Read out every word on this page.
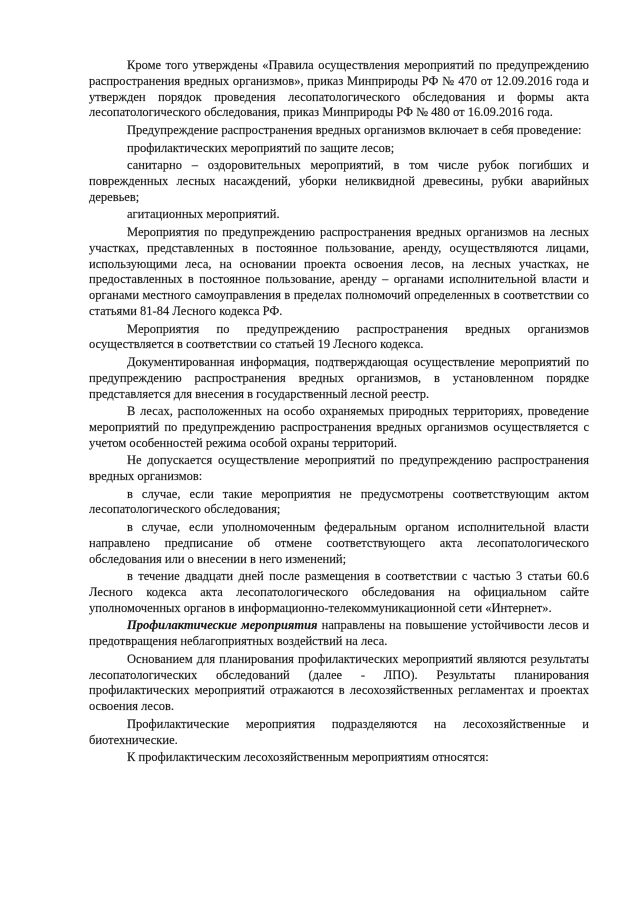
Кроме того утверждены «Правила осуществления мероприятий по предупреждению распространения вредных организмов», приказ Минприроды РФ № 470 от 12.09.2016 года и утвержден порядок проведения лесопатологического обследования и формы акта лесопатологического обследования, приказ Минприроды РФ № 480 от 16.09.2016 года.

Предупреждение распространения вредных организмов включает в себя проведение:

профилактических мероприятий по защите лесов;

санитарно – оздоровительных мероприятий, в том числе рубок погибших и поврежденных лесных насаждений, уборки неликвидной древесины, рубки аварийных деревьев;

агитационных мероприятий.

Мероприятия по предупреждению распространения вредных организмов на лесных участках, представленных в постоянное пользование, аренду, осуществляются лицами, использующими леса, на основании проекта освоения лесов, на лесных участках, не предоставленных в постоянное пользование, аренду – органами исполнительной власти и органами местного самоуправления в пределах полномочий определенных в соответствии со статьями 81-84 Лесного кодекса РФ.

Мероприятия по предупреждению распространения вредных организмов осуществляется в соответствии со статьей 19 Лесного кодекса.

Документированная информация, подтверждающая осуществление мероприятий по предупреждению распространения вредных организмов, в установленном порядке представляется для внесения в государственный лесной реестр.

В лесах, расположенных на особо охраняемых природных территориях, проведение мероприятий по предупреждению распространения вредных организмов осуществляется с учетом особенностей режима особой охраны территорий.

Не допускается осуществление мероприятий по предупреждению распространения вредных организмов:

в случае, если такие мероприятия не предусмотрены соответствующим актом лесопатологического обследования;

в случае, если уполномоченным федеральным органом исполнительной власти направлено предписание об отмене соответствующего акта лесопатологического обследования или о внесении в него изменений;

в течение двадцати дней после размещения в соответствии с частью 3 статьи 60.6 Лесного кодекса акта лесопатологического обследования на официальном сайте уполномоченных органов в информационно-телекоммуникационной сети «Интернет».

Профилактические мероприятия направлены на повышение устойчивости лесов и предотвращения неблагоприятных воздействий на леса.

Основанием для планирования профилактических мероприятий являются результаты лесопатологических обследований (далее - ЛПО). Результаты планирования профилактических мероприятий отражаются в лесохозяйственных регламентах и проектах освоения лесов.

Профилактические мероприятия подразделяются на лесохозяйственные и биотехнические.

К профилактическим лесохозяйственным мероприятиям относятся:
